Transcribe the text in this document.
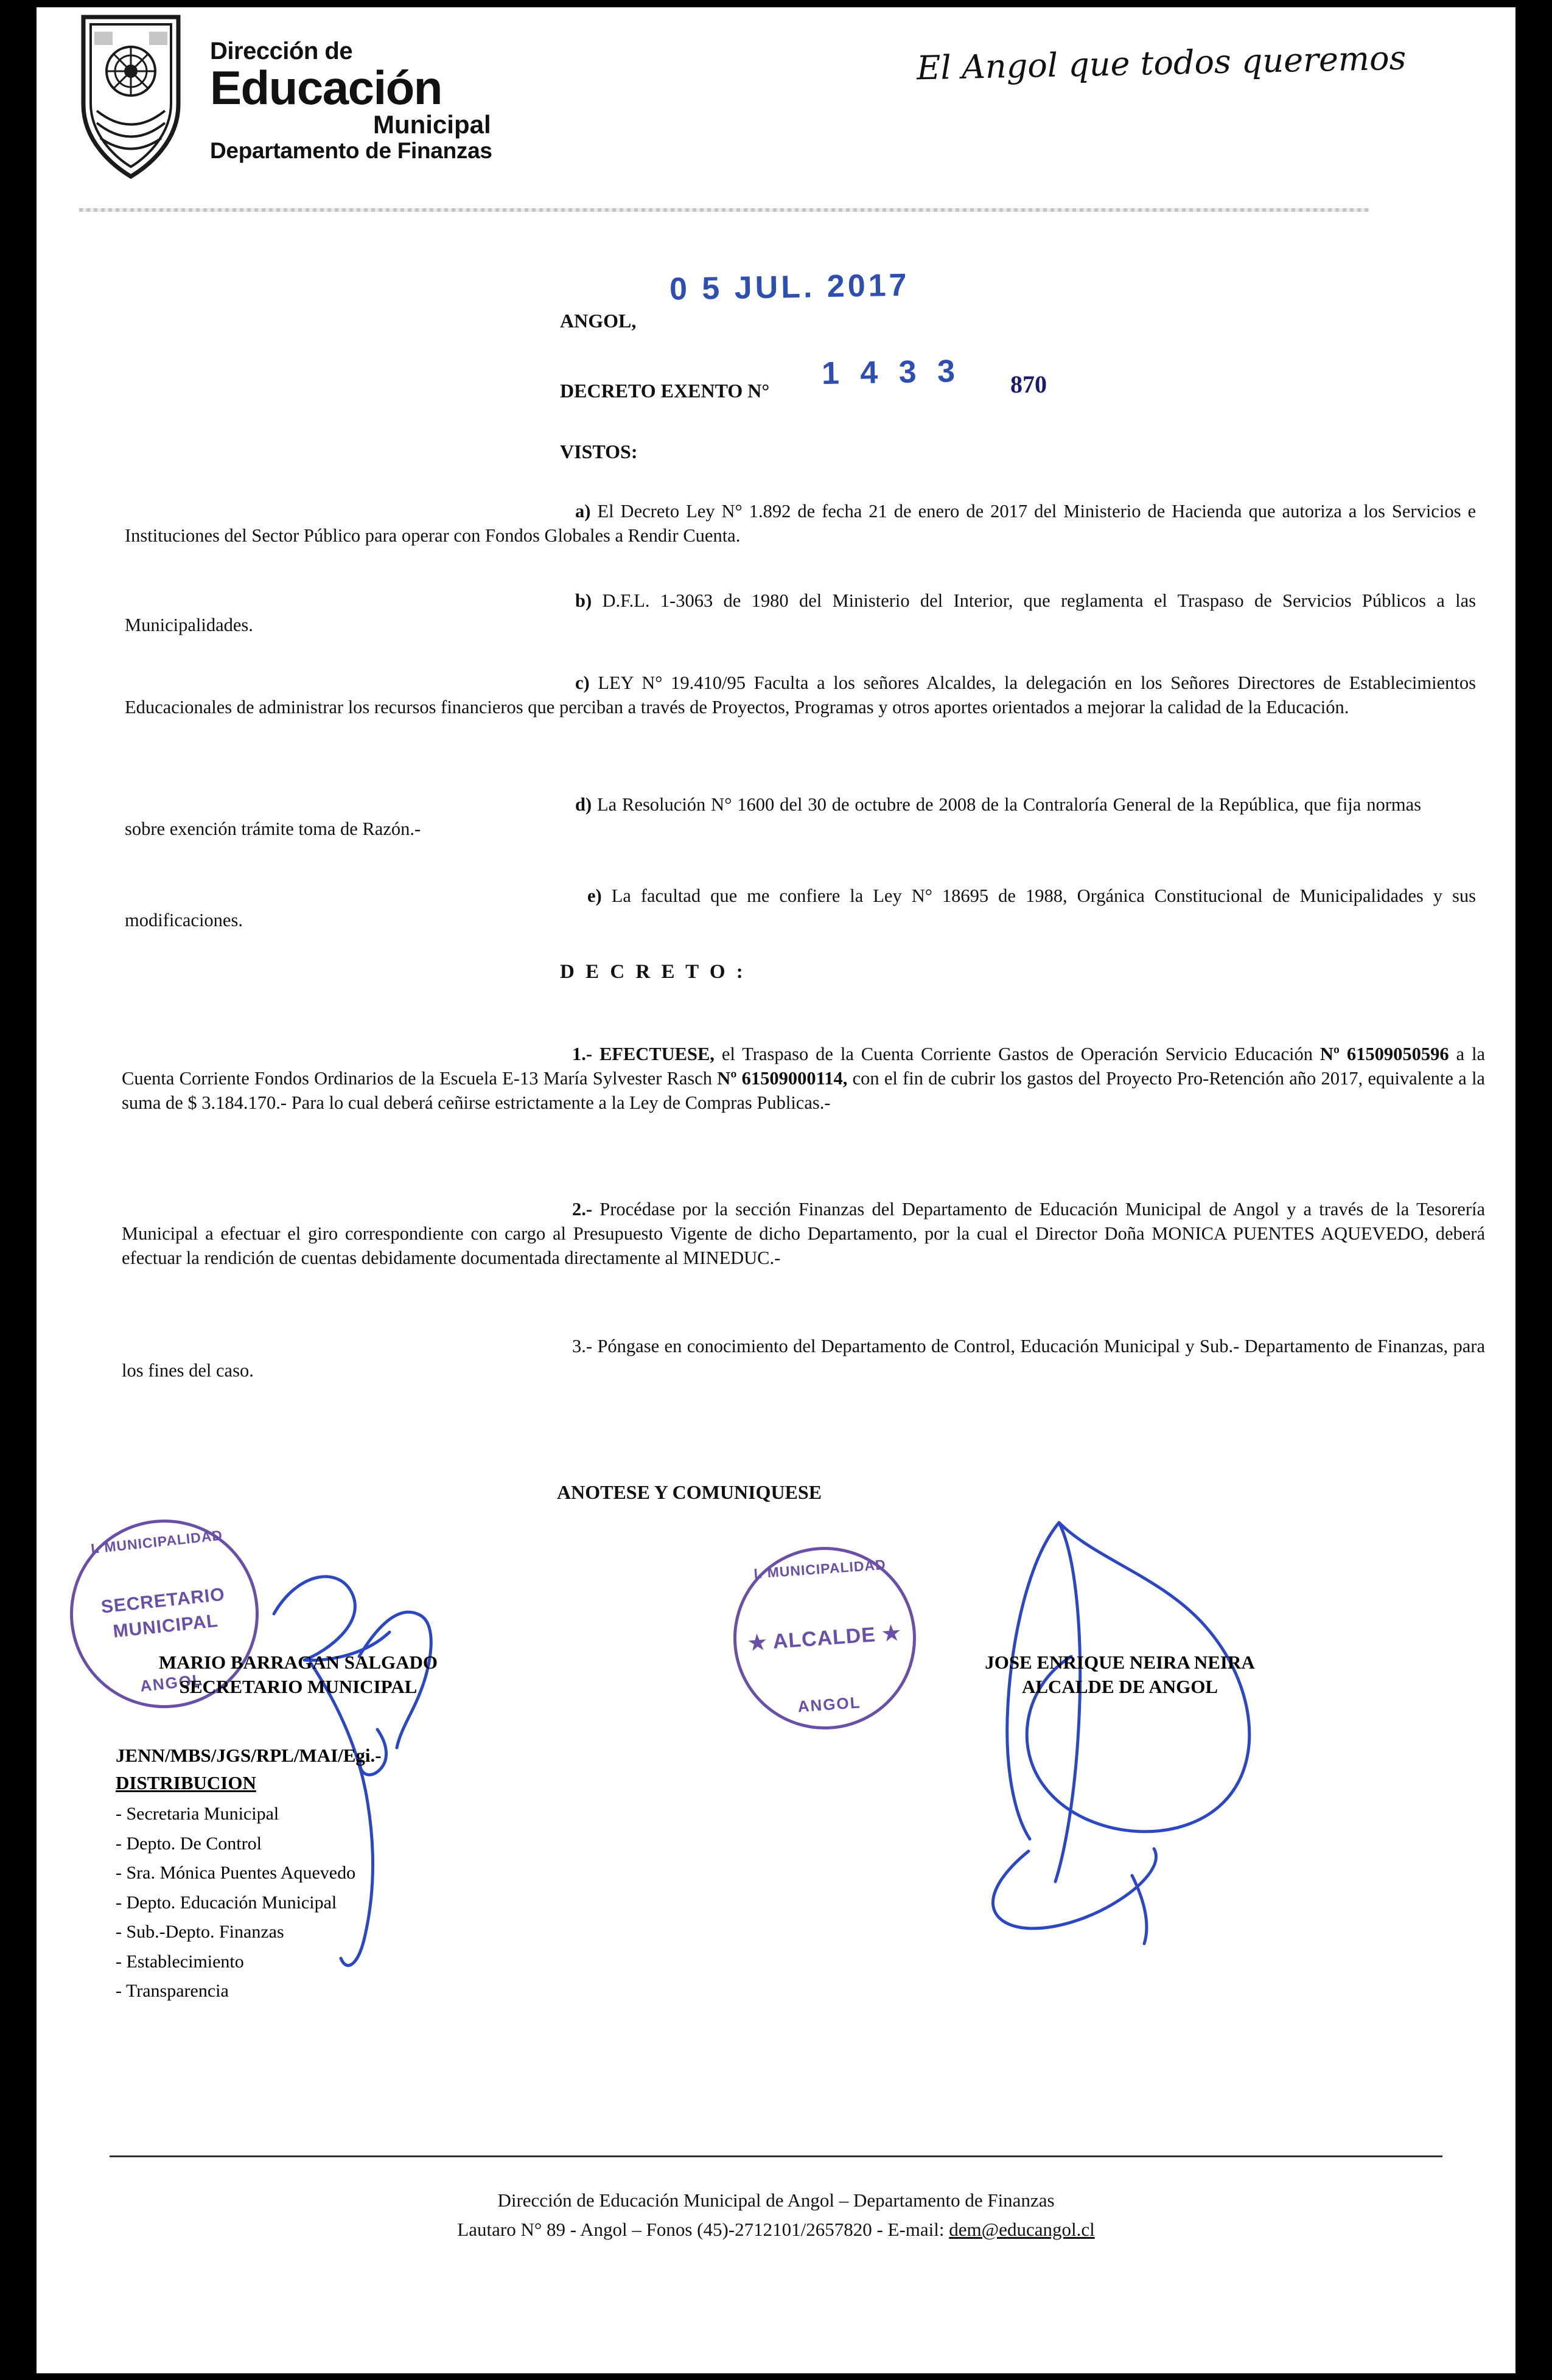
Dirección de
Educación
Municipal
Departamento de Finanzas
El Angol que todos queremos
ANGOL,
0 5 JUL. 2017
DECRETO EXENTO N° 1 4 3 3 870
VISTOS:
a) El Decreto Ley N° 1.892 de fecha 21 de enero de 2017 del Ministerio de Hacienda que autoriza a los Servicios e Instituciones del Sector Público para operar con Fondos Globales a Rendir Cuenta.
b) D.F.L. 1-3063 de 1980 del Ministerio del Interior, que reglamenta el Traspaso de Servicios Públicos a las Municipalidades.
c) LEY N° 19.410/95 Faculta a los señores Alcaldes, la delegación en los Señores Directores de Establecimientos Educacionales de administrar los recursos financieros que perciban a través de Proyectos, Programas y otros aportes orientados a mejorar la calidad de la Educación.
d) La Resolución N° 1600 del 30 de octubre de 2008 de la Contraloría General de la República, que fija normas sobre exención trámite toma de Razón.-
e) La facultad que me confiere la Ley N° 18695 de 1988, Orgánica Constitucional de Municipalidades y sus modificaciones.
D E C R E T O :
1.- EFECTUESE, el Traspaso de la Cuenta Corriente Gastos de Operación Servicio Educación Nº 61509050596 a la Cuenta Corriente Fondos Ordinarios de la Escuela E-13 María Sylvester Rasch Nº 61509000114, con el fin de cubrir los gastos del Proyecto Pro-Retención año 2017, equivalente a la suma de $ 3.184.170.- Para lo cual deberá ceñirse estrictamente a la Ley de Compras Publicas.-
2.- Procédase por la sección Finanzas del Departamento de Educación Municipal de Angol y a través de la Tesorería Municipal a efectuar el giro correspondiente con cargo al Presupuesto Vigente de dicho Departamento, por la cual el Director Doña MONICA PUENTES AQUEVEDO, deberá efectuar la rendición de cuentas debidamente documentada directamente al MINEDUC.-
3.- Póngase en conocimiento del Departamento de Control, Educación Municipal y Sub.- Departamento de Finanzas, para los fines del caso.
ANOTESE Y COMUNIQUESE
I. MUNICIPALIDAD
SECRETARIO MUNICIPAL
ANGOL
I. MUNICIPALIDAD
★ ALCALDE ★
ANGOL
MARIO BARRAGAN SALGADO
SECRETARIO MUNICIPAL
JOSE ENRIQUE NEIRA NEIRA
ALCALDE DE ANGOL
JENN/MBS/JGS/RPL/MAI/Egi.-
DISTRIBUCION
- Secretaria Municipal
- Depto. De Control
- Sra. Mónica Puentes Aquevedo
- Depto. Educación Municipal
- Sub.-Depto. Finanzas
- Establecimiento
- Transparencia
Dirección de Educación Municipal de Angol – Departamento de Finanzas
Lautaro N° 89 - Angol – Fonos (45)-2712101/2657820 - E-mail: dem@educangol.cl
